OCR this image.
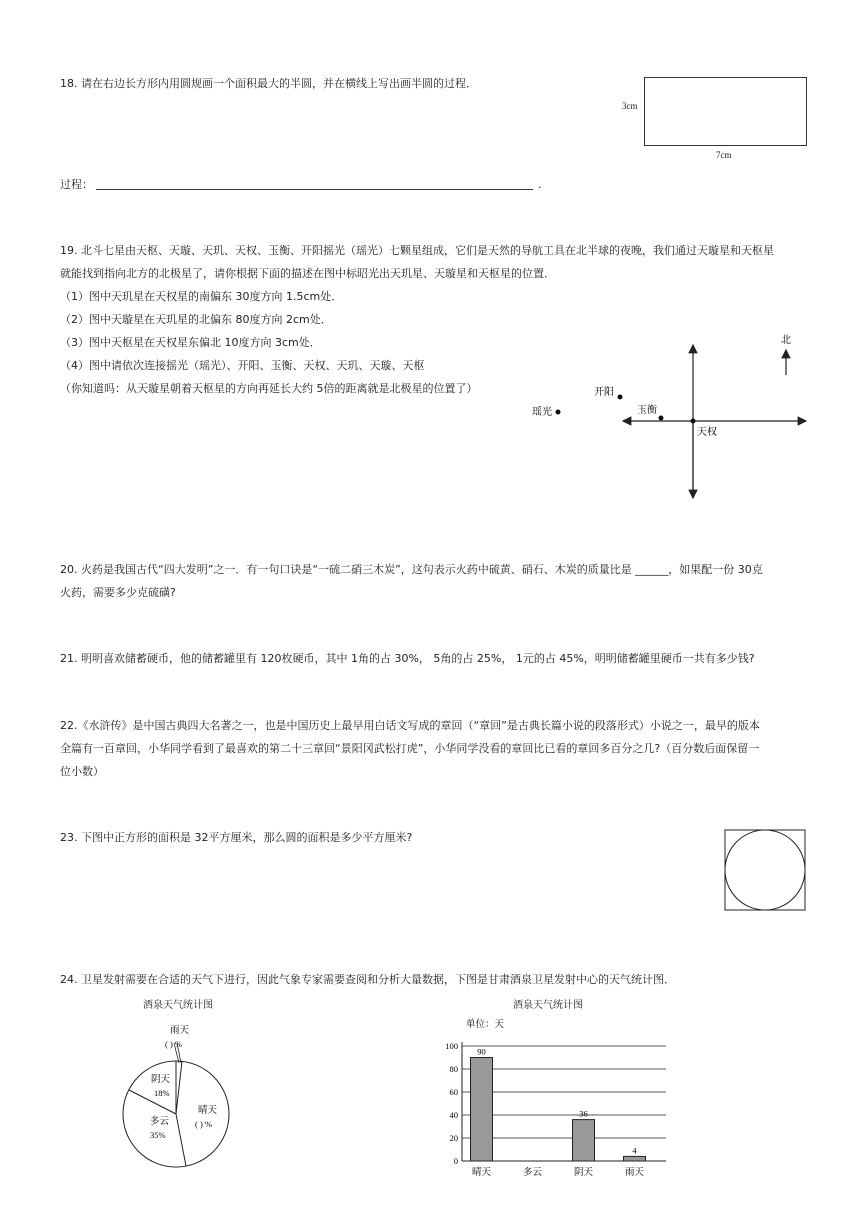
18. 请在右边长方形内用圆规画一个面积最大的半圆，并在横线上写出画半圆的过程．
3cm
7cm
过程：	.
19. 北斗七星由天枢、天璇、天玑、天权、玉衡、开阳摇光（瑶光）七颗星组成，它们是天然的导航工具在北半球的夜晚，我们通过天璇星和天枢星
就能找到指向北方的北极星了，请你根据下面的描述在图中标昭光出天玑星、天璇星和天枢星的位置．
（1）图中天玑星在天权星的南偏东 30度方向 1.5cm处．
（2）图中天璇星在天玑星的北偏东 80度方向 2cm处．
（3）图中天枢星在天权星东偏北 10度方向 3cm处．
（4）图中请依次连接摇光（瑶光）、开阳、玉衡、天权、天玑、天璇、天枢
（你知道吗：从天璇星朝着天枢星的方向再延长大约 5倍的距离就是北极星的位置了）
北
瑶光
开阳
玉衡
天权
20. 火药是我国古代“四大发明”之一．有一句口诀是“一硫二硝三木炭”，这句表示火药中硫黄、硝石、木炭的质量比是 ______，如果配一份 30克
火药，需要多少克硫磺?
21. 明明喜欢储蓄硬币，他的储蓄罐里有 120枚硬币，其中 1角的占 30%， 5角的占 25%， 1元的占 45%，明明储蓄罐里硬币一共有多少钱?
22.《水浒传》是中国古典四大名著之一，也是中国历史上最早用白话文写成的章回（“章回”是古典长篇小说的段落形式）小说之一，最早的版本
全篇有一百章回，小华同学看到了最喜欢的第二十三章回“景阳冈武松打虎”，小华同学没看的章回比已看的章回多百分之几?（百分数后面保留一
位小数）
23. 下图中正方形的面积是 32平方厘米，那么圆的面积是多少平方厘米?
24. 卫星发射需要在合适的天气下进行，因此气象专家需要查阅和分析大量数据，下图是甘肃酒泉卫星发射中心的天气统计图．
酒泉天气统计图	酒泉天气统计图
雨天
( ) %
阴天
18%
多云
35%
晴天
( ) %
单位：天
0
20
40
60
80
100
晴天
90
多云	阴天
36
雨天
4
